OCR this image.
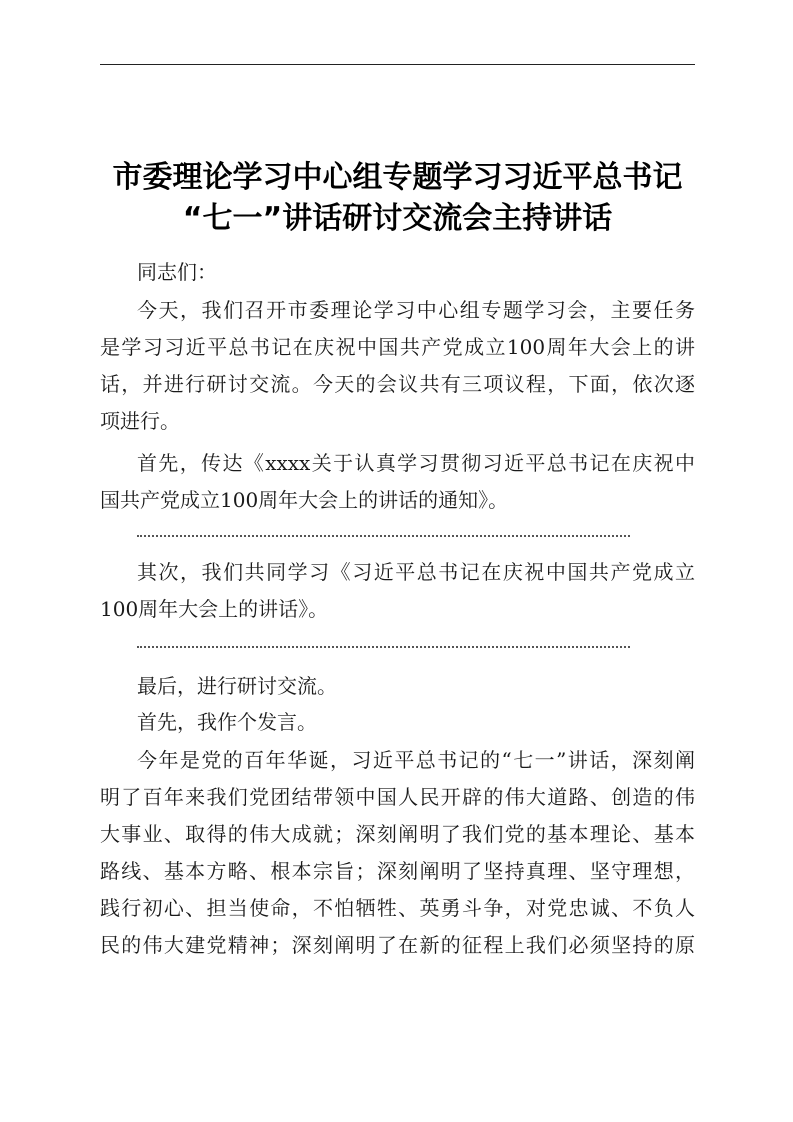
市委理论学习中心组专题学习习近平总书记
“七一”讲话研讨交流会主持讲话
同志们：
今天，我们召开市委理论学习中心组专题学习会，主要任务
是学习习近平总书记在庆祝中国共产党成立100周年大会上的讲
话，并进行研讨交流。今天的会议共有三项议程，下面，依次逐
项进行。
首先，传达《xxxx关于认真学习贯彻习近平总书记在庆祝中
国共产党成立100周年大会上的讲话的通知》。
其次，我们共同学习《习近平总书记在庆祝中国共产党成立
100周年大会上的讲话》。
最后，进行研讨交流。
首先，我作个发言。
今年是党的百年华诞，习近平总书记的“七一”讲话，深刻阐
明了百年来我们党团结带领中国人民开辟的伟大道路、创造的伟
大事业、取得的伟大成就；深刻阐明了我们党的基本理论、基本
路线、基本方略、根本宗旨；深刻阐明了坚持真理、坚守理想，
践行初心、担当使命，不怕牺牲、英勇斗争，对党忠诚、不负人
民的伟大建党精神；深刻阐明了在新的征程上我们必须坚持的原
